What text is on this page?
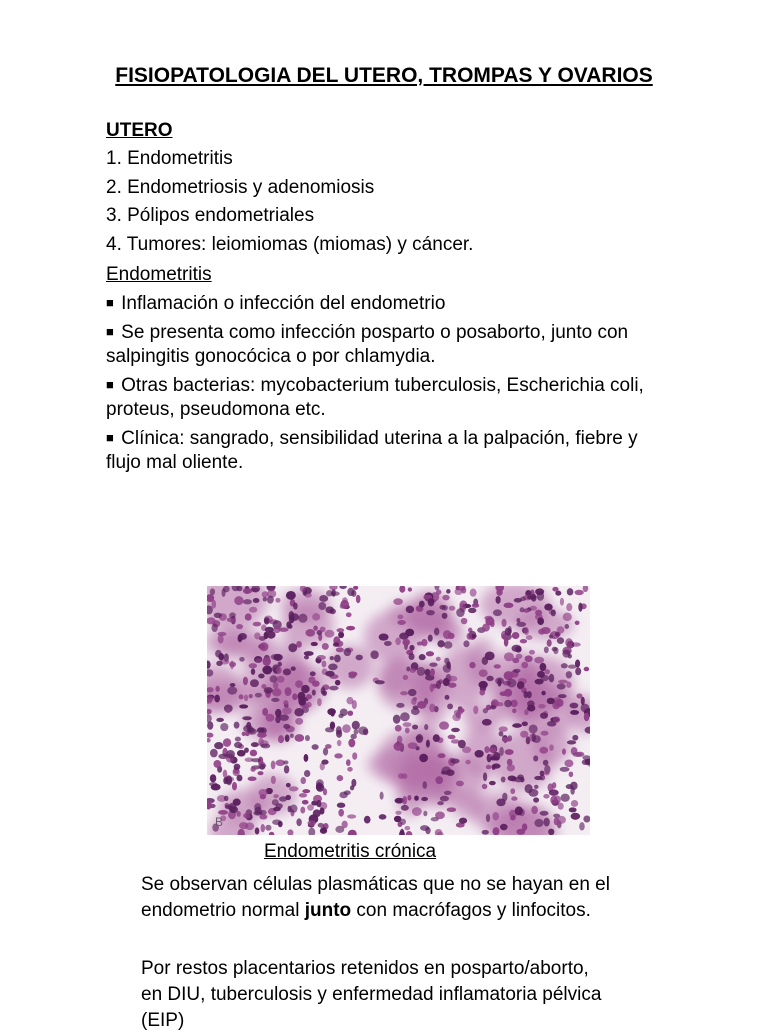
FISIOPATOLOGIA DEL UTERO, TROMPAS Y OVARIOS
UTERO
1. Endometritis
2. Endometriosis y adenomiosis
3. Pólipos endometriales
4. Tumores: leiomiomas (miomas) y cáncer.
Endometritis
■ Inflamación o infección del endometrio
■ Se presenta como infección posparto o posaborto, junto con salpingitis gonocócica o por chlamydia.
■ Otras bacterias: mycobacterium tuberculosis, Escherichia coli, proteus, pseudomona etc.
■ Clínica: sangrado, sensibilidad uterina a la palpación, fiebre y flujo mal oliente.
B
Endometritis crónica
Se observan células plasmáticas que no se hayan en el endometrio normal junto con macrófagos y linfocitos.
Por restos placentarios retenidos en posparto/aborto, en DIU, tuberculosis y enfermedad inflamatoria pélvica (EIP)
